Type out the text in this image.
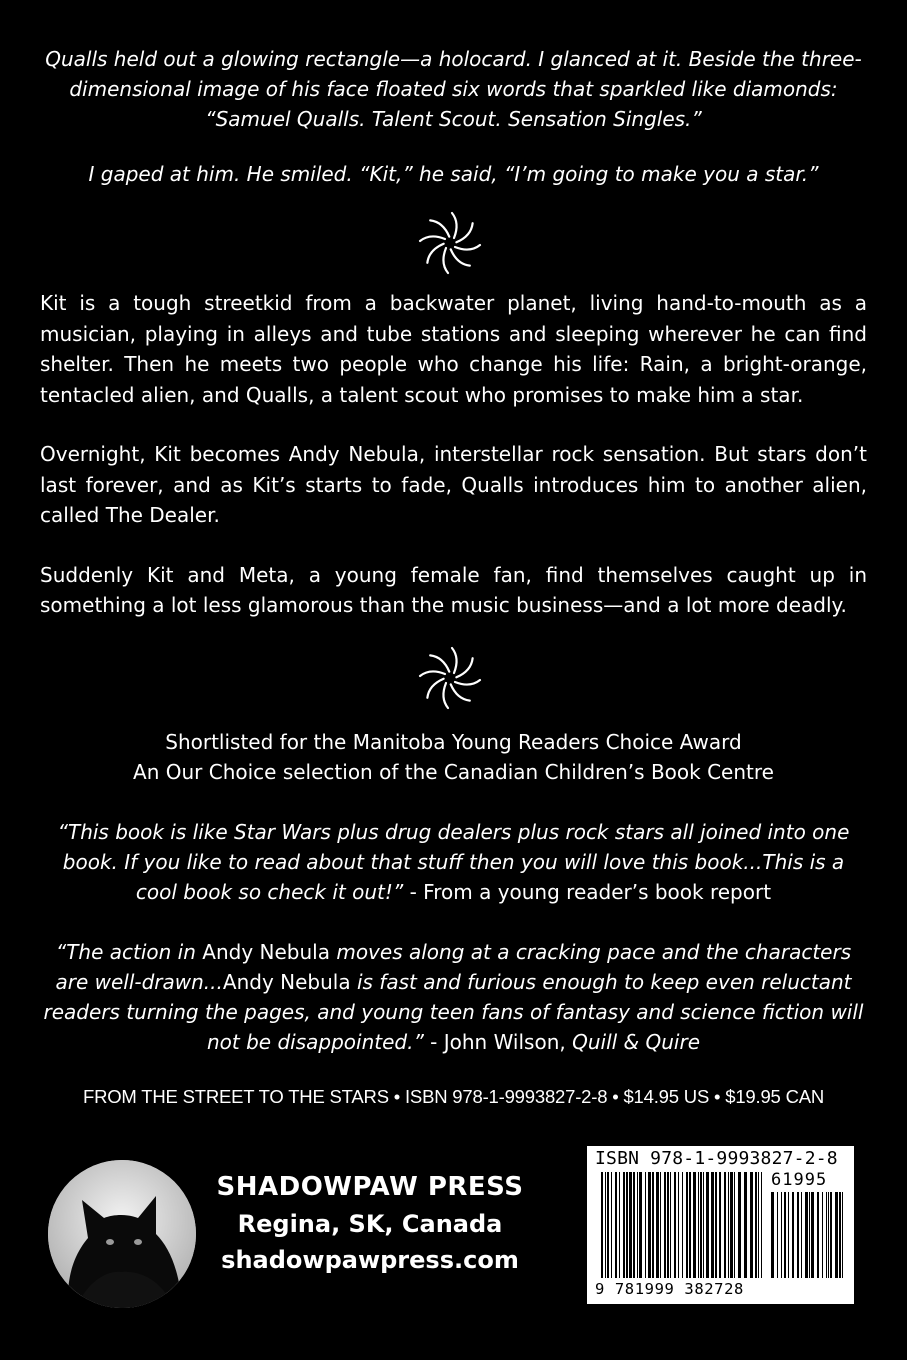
Qualls held out a glowing rectangle—a holocard. I glanced at it. Beside the three-dimensional image of his face floated six words that sparkled like diamonds: “Samuel Qualls. Talent Scout. Sensation Singles.”

I gaped at him. He smiled. “Kit,” he said, “I’m going to make you a star.”

Kit is a tough streetkid from a backwater planet, living hand-to-mouth as a musician, playing in alleys and tube stations and sleeping wherever he can find shelter. Then he meets two people who change his life: Rain, a bright-orange, tentacled alien, and Qualls, a talent scout who promises to make him a star.

Overnight, Kit becomes Andy Nebula, interstellar rock sensation. But stars don’t last forever, and as Kit’s starts to fade, Qualls introduces him to another alien, called The Dealer.

Suddenly Kit and Meta, a young female fan, find themselves caught up in something a lot less glamorous than the music business—and a lot more deadly.

Shortlisted for the Manitoba Young Readers Choice Award

An Our Choice selection of the Canadian Children’s Book Centre

“This book is like Star Wars plus drug dealers plus rock stars all joined into one book. If you like to read about that stuff then you will love this book...This is a cool book so check it out!” - From a young reader’s book report

“The action in Andy Nebula moves along at a cracking pace and the characters are well-drawn...Andy Nebula is fast and furious enough to keep even reluctant readers turning the pages, and young teen fans of fantasy and science fiction will not be disappointed.” - John Wilson, Quill & Quire

FROM THE STREET TO THE STARS • ISBN 978-1-9993827-2-8 • $14.95 US • $19.95 CAN
SHADOWPAW PRESS
Regina, SK, Canada
shadowpawpress.com
ISBN 978-1-9993827-2-8
61995
9 781999 382728
